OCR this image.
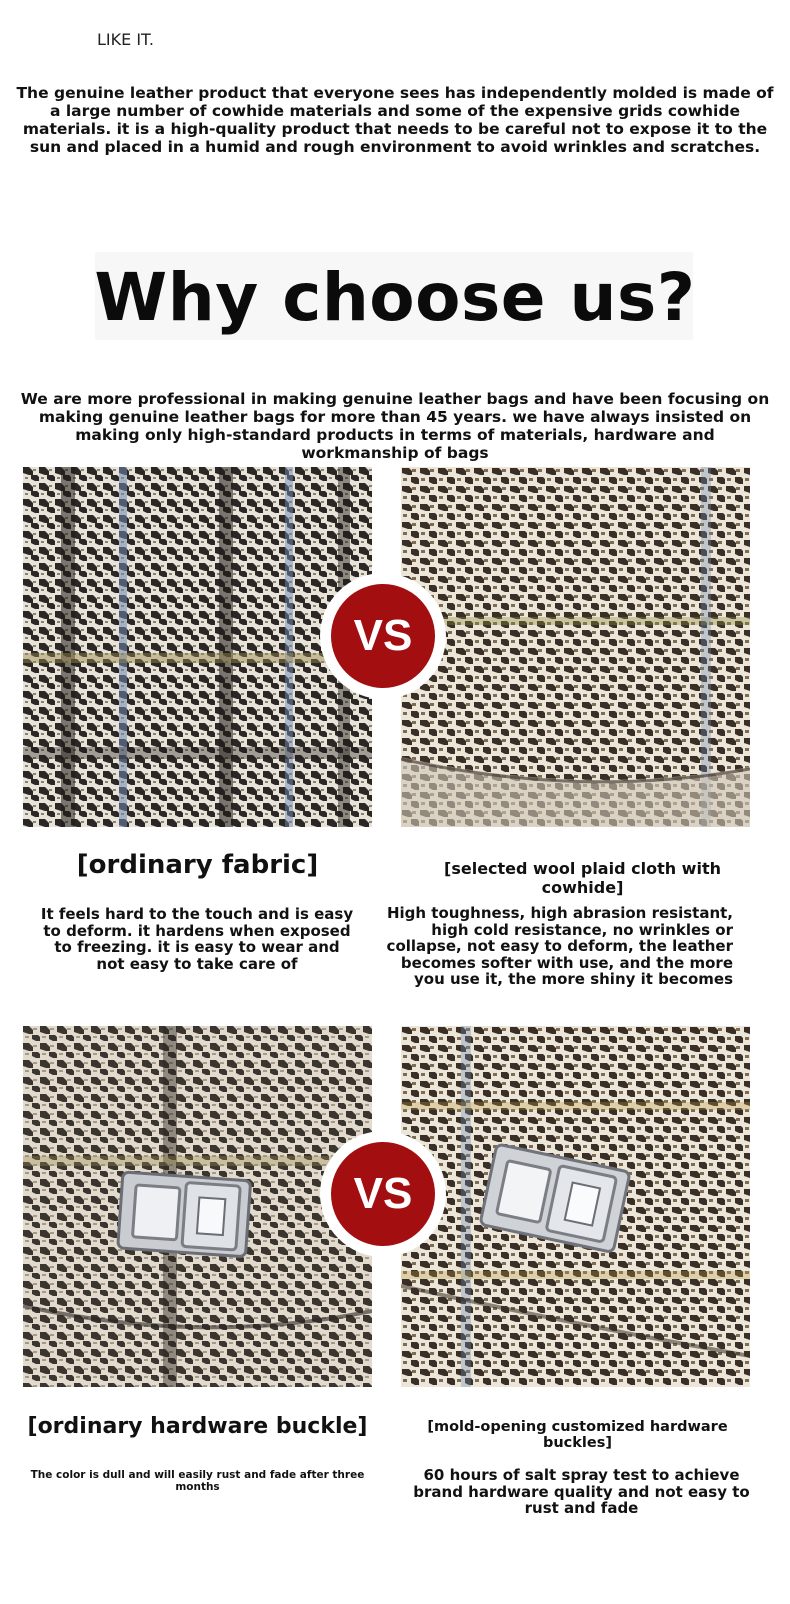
LIKE IT.
The genuine leather product that everyone sees has independently molded is made of a large number of cowhide materials and some of the expensive grids cowhide materials. it is a high-quality product that needs to be careful not to expose it to the sun and placed in a humid and rough environment to avoid wrinkles and scratches.
Why choose us?
We are more professional in making genuine leather bags and have been focusing on making genuine leather bags for more than 45 years. we have always insisted on making only high-standard products in terms of materials, hardware and workmanship of bags
VS
[ordinary fabric]	[selected wool plaid cloth with cowhide]
It feels hard to the touch and is easy to deform. it hardens when exposed to freezing. it is easy to wear and not easy to take care of
High toughness, high abrasion resistant, high cold resistance, no wrinkles or collapse, not easy to deform, the leather becomes softer with use, and the more you use it, the more shiny it becomes
VS
[ordinary hardware buckle]	[mold-opening customized hardware buckles]
The color is dull and will easily rust and fade after three months
60 hours of salt spray test to achieve brand hardware quality and not easy to rust and fade
